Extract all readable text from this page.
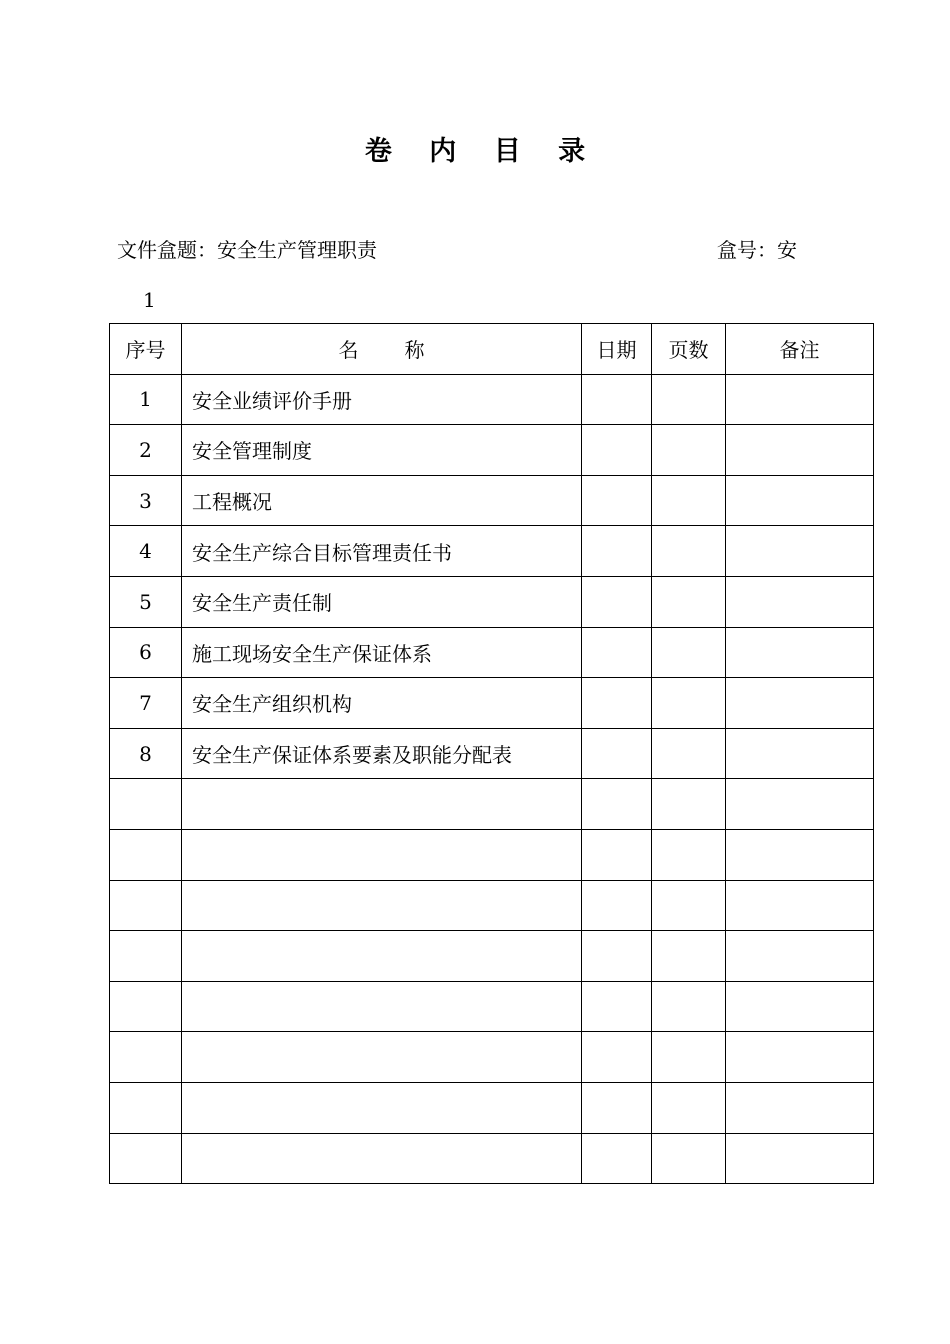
卷 内 目 录
文件盒题：安全生产管理职责	盒号：安
1
序号	名 称	日期	页数	备注
1	安全业绩评价手册			
2	安全管理制度			
3	工程概况			
4	安全生产综合目标管理责任书			
5	安全生产责任制			
6	施工现场安全生产保证体系			
7	安全生产组织机构			
8	安全生产保证体系要素及职能分配表			
